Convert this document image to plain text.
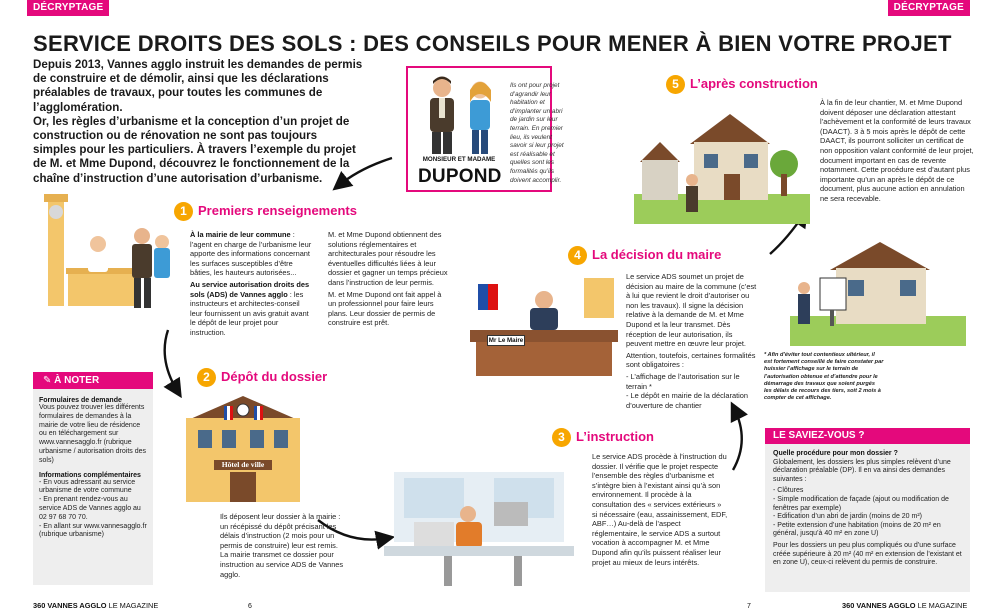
DÉCRYPTAGE	DÉCRYPTAGE
SERVICE DROITS DES SOLS : DES CONSEILS POUR MENER À BIEN VOTRE PROJET

Depuis 2013, Vannes agglo instruit les demandes de permis de construire et de démolir, ainsi que les déclarations préalables de travaux, pour toutes les communes de l’agglomération.

Or, les règles d’urbanisme et la conception d’un projet de construction ou de rénovation ne sont pas toujours simples pour les particuliers. À travers l’exemple du projet de M. et Mme Dupond, découvrez le fonctionnement de la chaîne d’instruction d’une autorisation d’urbanisme.

Ils ont pour projet d’agrandir leur habitation et d’implanter un abri de jardin sur leur terrain. En premier lieu, ils veulent savoir si leur projet est réalisable et quelles sont les formalités qu’ils doivent accomplir.
MONSIEUR ET MADAME
DUPOND
1 Premiers renseignements

À la mairie de leur commune : l’agent en charge de l’urbanisme leur apporte des informations concernant les surfaces susceptibles d’être bâties, les hauteurs autorisées...

Au service autorisation droits des sols (ADS) de Vannes agglo : les instructeurs et architectes-conseil leur fournissent un avis gratuit avant le dépôt de leur projet pour instruction.

M. et Mme Dupond obtiennent des solutions réglementaires et architecturales pour résoudre les éventuelles difficultés liées à leur dossier et gagner un temps précieux dans l’instruction de leur permis.

M. et Mme Dupond ont fait appel à un professionnel pour faire leurs plans. Leur dossier de permis de construire est prêt.

✎ À NOTER
Formulaires de demande
Vous pouvez trouver les différents formulaires de demandes à la mairie de votre lieu de résidence ou en téléchargement sur www.vannesagglo.fr (rubrique urbanisme / autorisation droits des sols)
Informations complémentaires
- En vous adressant au service urbanisme de votre commune
- En prenant rendez-vous au service ADS de Vannes agglo au 02 97 68 70 70.
- En allant sur www.vannesagglo.fr (rubrique urbanisme)
2 Dépôt du dossier
Hôtel de ville
Ils déposent leur dossier à la mairie : un récépissé du dépôt précisant les délais d’instruction (2 mois pour un permis de construire) leur est remis. La mairie transmet ce dossier pour instruction au service ADS de Vannes agglo.
3 L’instruction
Le service ADS procède à l’instruction du dossier. Il vérifie que le projet respecte l’ensemble des règles d’urbanisme et s’intègre bien à l’existant ainsi qu’à son environnement. Il procède à la consultation des « services extérieurs » si nécessaire (eau, assainissement, EDF, ABF…) Au-delà de l’aspect réglementaire, le service ADS a surtout vocation à accompagner M. et Mme Dupond afin qu’ils puissent réaliser leur projet au mieux de leurs intérêts.
4 La décision du maire
Mr Le Maire

Le service ADS soumet un projet de décision au maire de la commune (c’est à lui que revient le droit d’autoriser ou non les travaux). Il signe la décision relative à la demande de M. et Mme Dupond et la leur transmet. Dès réception de leur autorisation, ils peuvent mettre en œuvre leur projet.

Attention, toutefois, certaines formalités sont obligatoires :

- L’affichage de l’autorisation sur le terrain *

- Le dépôt en mairie de la déclaration d’ouverture de chantier

5 L’après construction
À la fin de leur chantier, M. et Mme Dupond doivent déposer une déclaration attestant l’achèvement et la conformité de leurs travaux (DAACT). 3 à 5 mois après le dépôt de cette DAACT, ils pourront solliciter un certificat de non opposition valant conformité de leur projet, document important en cas de revente notamment. Cette procédure est d’autant plus importante qu’un an après le dépôt de ce document, plus aucune action en annulation ne sera recevable.
* Afin d’éviter tout contentieux ultérieur, il est fortement conseillé de faire constater par huissier l’affichage sur le terrain de l’autorisation obtenue et d’attendre pour le démarrage des travaux que soient purgés les délais de recours des tiers, soit 2 mois à compter de cet affichage.
LE SAVIEZ-VOUS ?
Quelle procédure pour mon dossier ?
Globalement, les dossiers les plus simples relèvent d’une déclaration préalable (DP). Il en va ainsi des demandes suivantes :
- Clôtures
- Simple modification de façade (ajout ou modification de fenêtres par exemple)
- Edification d’un abri de jardin (moins de 20 m²)
- Petite extension d’une habitation (moins de 20 m² en général, jusqu’à 40 m² en zone U)
Pour les dossiers un peu plus compliqués ou d’une surface créée supérieure à 20 m² (40 m² en extension de l’existant et en zone U), ceux-ci relèvent du permis de construire.
360 VANNES AGGLO LE MAGAZINE	6	7	360 VANNES AGGLO LE MAGAZINE
